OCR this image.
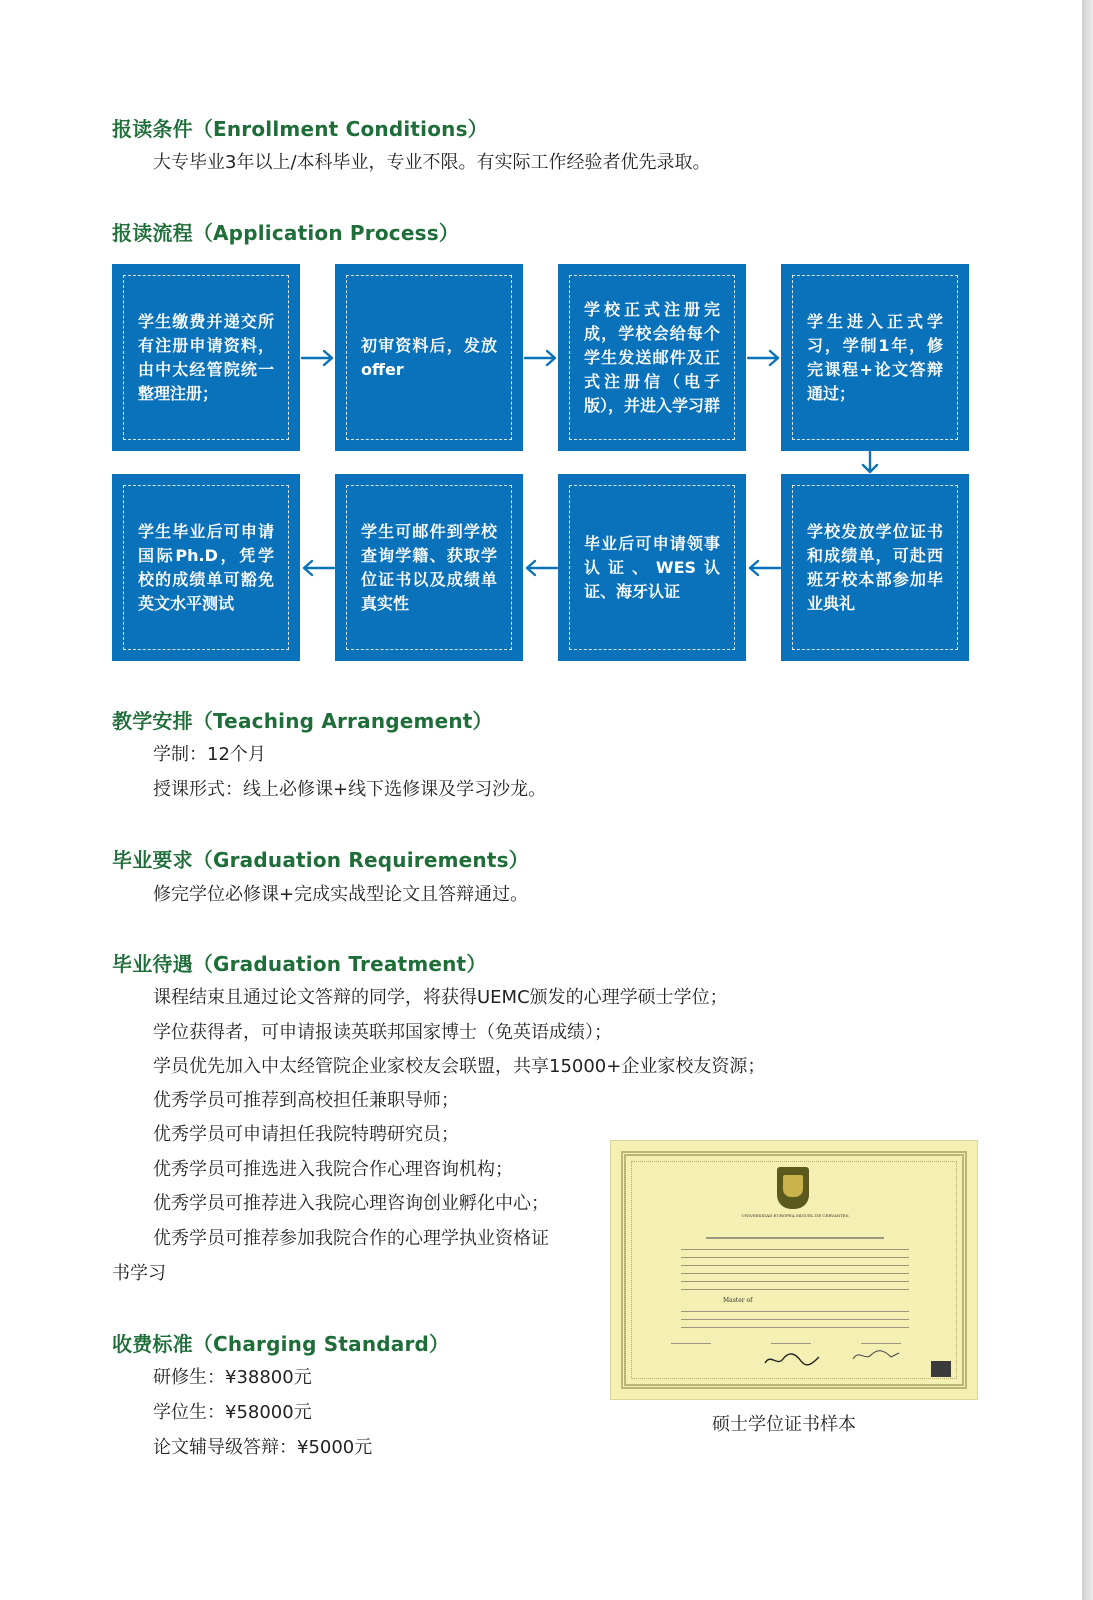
报读条件（Enrollment Conditions）

大专毕业3年以上/本科毕业，专业不限。有实际工作经验者优先录取。

报读流程（Application Process）

学生缴费并递交所有注册申请资料，由中太经管院统一整理注册；
初审资料后，发放offer
学校正式注册完成，学校会给每个学生发送邮件及正式注册信（电子版），并进入学习群
学生进入正式学习，学制1年，修完课程+论文答辩通过；
学校发放学位证书和成绩单，可赴西班牙校本部参加毕业典礼
毕业后可申请领事认证、WES认证、海牙认证
学生可邮件到学校查询学籍、获取学位证书以及成绩单真实性
学生毕业后可申请国际Ph.D，凭学校的成绩单可豁免英文水平测试

教学安排（Teaching Arrangement）

学制：12个月

授课形式：线上必修课+线下选修课及学习沙龙。

毕业要求（Graduation Requirements）

修完学位必修课+完成实战型论文且答辩通过。

毕业待遇（Graduation Treatment）

课程结束且通过论文答辩的同学，将获得UEMC颁发的心理学硕士学位；

学位获得者，可申请报读英联邦国家博士（免英语成绩）；

学员优先加入中太经管院企业家校友会联盟，共享15000+企业家校友资源；

优秀学员可推荐到高校担任兼职导师；

优秀学员可申请担任我院特聘研究员；

优秀学员可推选进入我院合作心理咨询机构；

优秀学员可推荐进入我院心理咨询创业孵化中心；

优秀学员可推荐参加我院合作的心理学执业资格证

书学习

收费标准（Charging Standard）

研修生：¥38800元

学位生：¥58000元

论文辅导级答辩：¥5000元

UNIVERSIDAD EUROPEA MIGUEL DE CERVANTES
Master of

硕士学位证书样本
